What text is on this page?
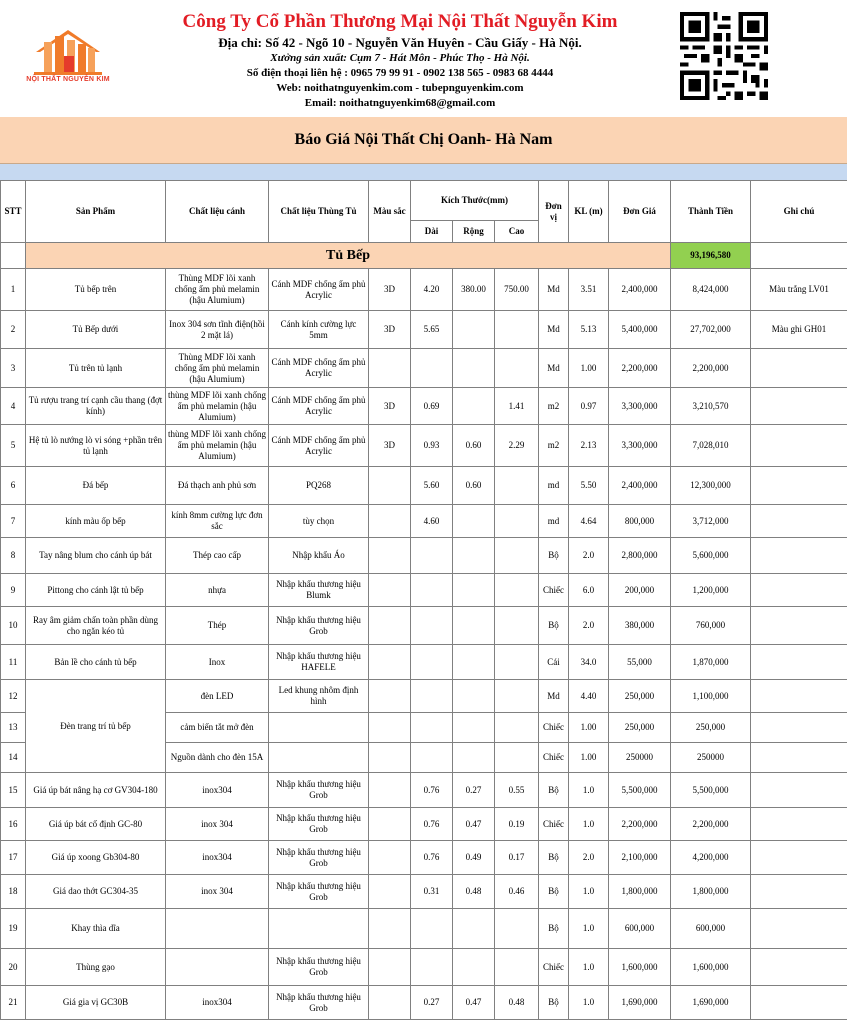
NỘI THẤT NGUYỄN KIM
Công Ty Cổ Phần Thương Mại Nội Thất Nguyễn Kim
Địa chỉ: Số 42 - Ngõ 10 - Nguyễn Văn Huyên - Cầu Giấy - Hà Nội.
Xưởng sản xuất: Cụm 7 - Hát Môn - Phúc Thọ - Hà Nội.
Số điện thoại liên hệ : 0965 79 99 91 - 0902 138 565 - 0983 68 4444
Web: noithatnguyenkim.com - tubepnguyenkim.com
Email: noithatnguyenkim68@gmail.com
Báo Giá Nội Thất Chị Oanh- Hà Nam
STT	Sản Phẩm	Chất liệu cánh	Chất liệu Thùng Tủ	Màu sắc	Kích Thước(mm)			Đơn vị	KL (m)	Đơn Giá	Thành Tiền	Ghi chú
					Dài	Rộng	Cao					
	Tủ Bếp										93,196,580	
1	Tủ bếp trên	Thùng MDF lõi xanh chống ẩm phủ melamin (hậu Alumium)	Cánh MDF chống ẩm phủ Acrylic	3D	4.20	380.00	750.00	Md	3.51	2,400,000	8,424,000	Màu trắng LV01
2	Tủ Bếp dưới	Inox 304 sơn tĩnh điện(hồi 2 mặt lá)	Cánh kính cường lực 5mm	3D	5.65			Md	5.13	5,400,000	27,702,000	Màu ghi GH01
3	Tủ trên tủ lạnh	Thùng MDF lõi xanh chống ẩm phủ melamin (hậu Alumium)	Cánh MDF chống ẩm phủ Acrylic					Md	1.00	2,200,000	2,200,000	
4	Tủ rượu trang trí cạnh cầu thang (đợt kính)	thùng MDF lõi xanh chống ẩm phủ melamin (hậu Alumium)	Cánh MDF chống ẩm phủ Acrylic	3D	0.69		1.41	m2	0.97	3,300,000	3,210,570	
5	Hệ tủ lò nướng lò vi sóng +phần trên tủ lạnh	thùng MDF lõi xanh chống ẩm phủ melamin (hậu Alumium)	Cánh MDF chống ẩm phủ Acrylic	3D	0.93	0.60	2.29	m2	2.13	3,300,000	7,028,010	
6	Đá bếp	Đá thạch anh phủ sơn	PQ268		5.60	0.60		md	5.50	2,400,000	12,300,000	
7	kính màu ốp bếp	kính 8mm cường lực đơn sắc	tùy chọn		4.60			md	4.64	800,000	3,712,000	
8	Tay nâng blum cho cánh úp bát	Thép cao cấp	Nhập khẩu Áo					Bộ	2.0	2,800,000	5,600,000	
9	Pittong cho cánh lật tủ bếp	nhựa	Nhập khẩu thương hiệu Blumk					Chiếc	6.0	200,000	1,200,000	
10	Ray âm giảm chấn toàn phần dùng cho ngăn kéo tủ	Thép	Nhập khẩu thương hiệu Grob					Bộ	2.0	380,000	760,000	
11	Bản lề cho cánh tủ bếp	Inox	Nhập khẩu thương hiệu HAFELE					Cái	34.0	55,000	1,870,000	
12	Đèn trang trí tủ bếp	đèn LED	Led khung nhôm định hình					Md	4.40	250,000	1,100,000	
13		cảm biến tắt mở đèn						Chiếc	1.00	250,000	250,000	
14		Nguồn dành cho đèn 15A						Chiếc	1.00	250000	250000	
15	Giá úp bát nâng hạ cơ GV304-180	inox304	Nhập khẩu thương hiệu Grob		0.76	0.27	0.55	Bộ	1.0	5,500,000	5,500,000	
16	Giá úp bát cố định GC-80	inox 304	Nhập khẩu thương hiệu Grob		0.76	0.47	0.19	Chiếc	1.0	2,200,000	2,200,000	
17	Giá úp xoong Gb304-80	inox304	Nhập khẩu thương hiệu Grob		0.76	0.49	0.17	Bộ	2.0	2,100,000	4,200,000	
18	Giá dao thớt GC304-35	inox 304	Nhập khẩu thương hiệu Grob		0.31	0.48	0.46	Bộ	1.0	1,800,000	1,800,000	
19	Khay thìa dĩa							Bộ	1.0	600,000	600,000	
20	Thùng gạo		Nhập khẩu thương hiệu Grob					Chiếc	1.0	1,600,000	1,600,000	
21	Giá gia vị GC30B	inox304	Nhập khẩu thương hiệu Grob		0.27	0.47	0.48	Bộ	1.0	1,690,000	1,690,000	
